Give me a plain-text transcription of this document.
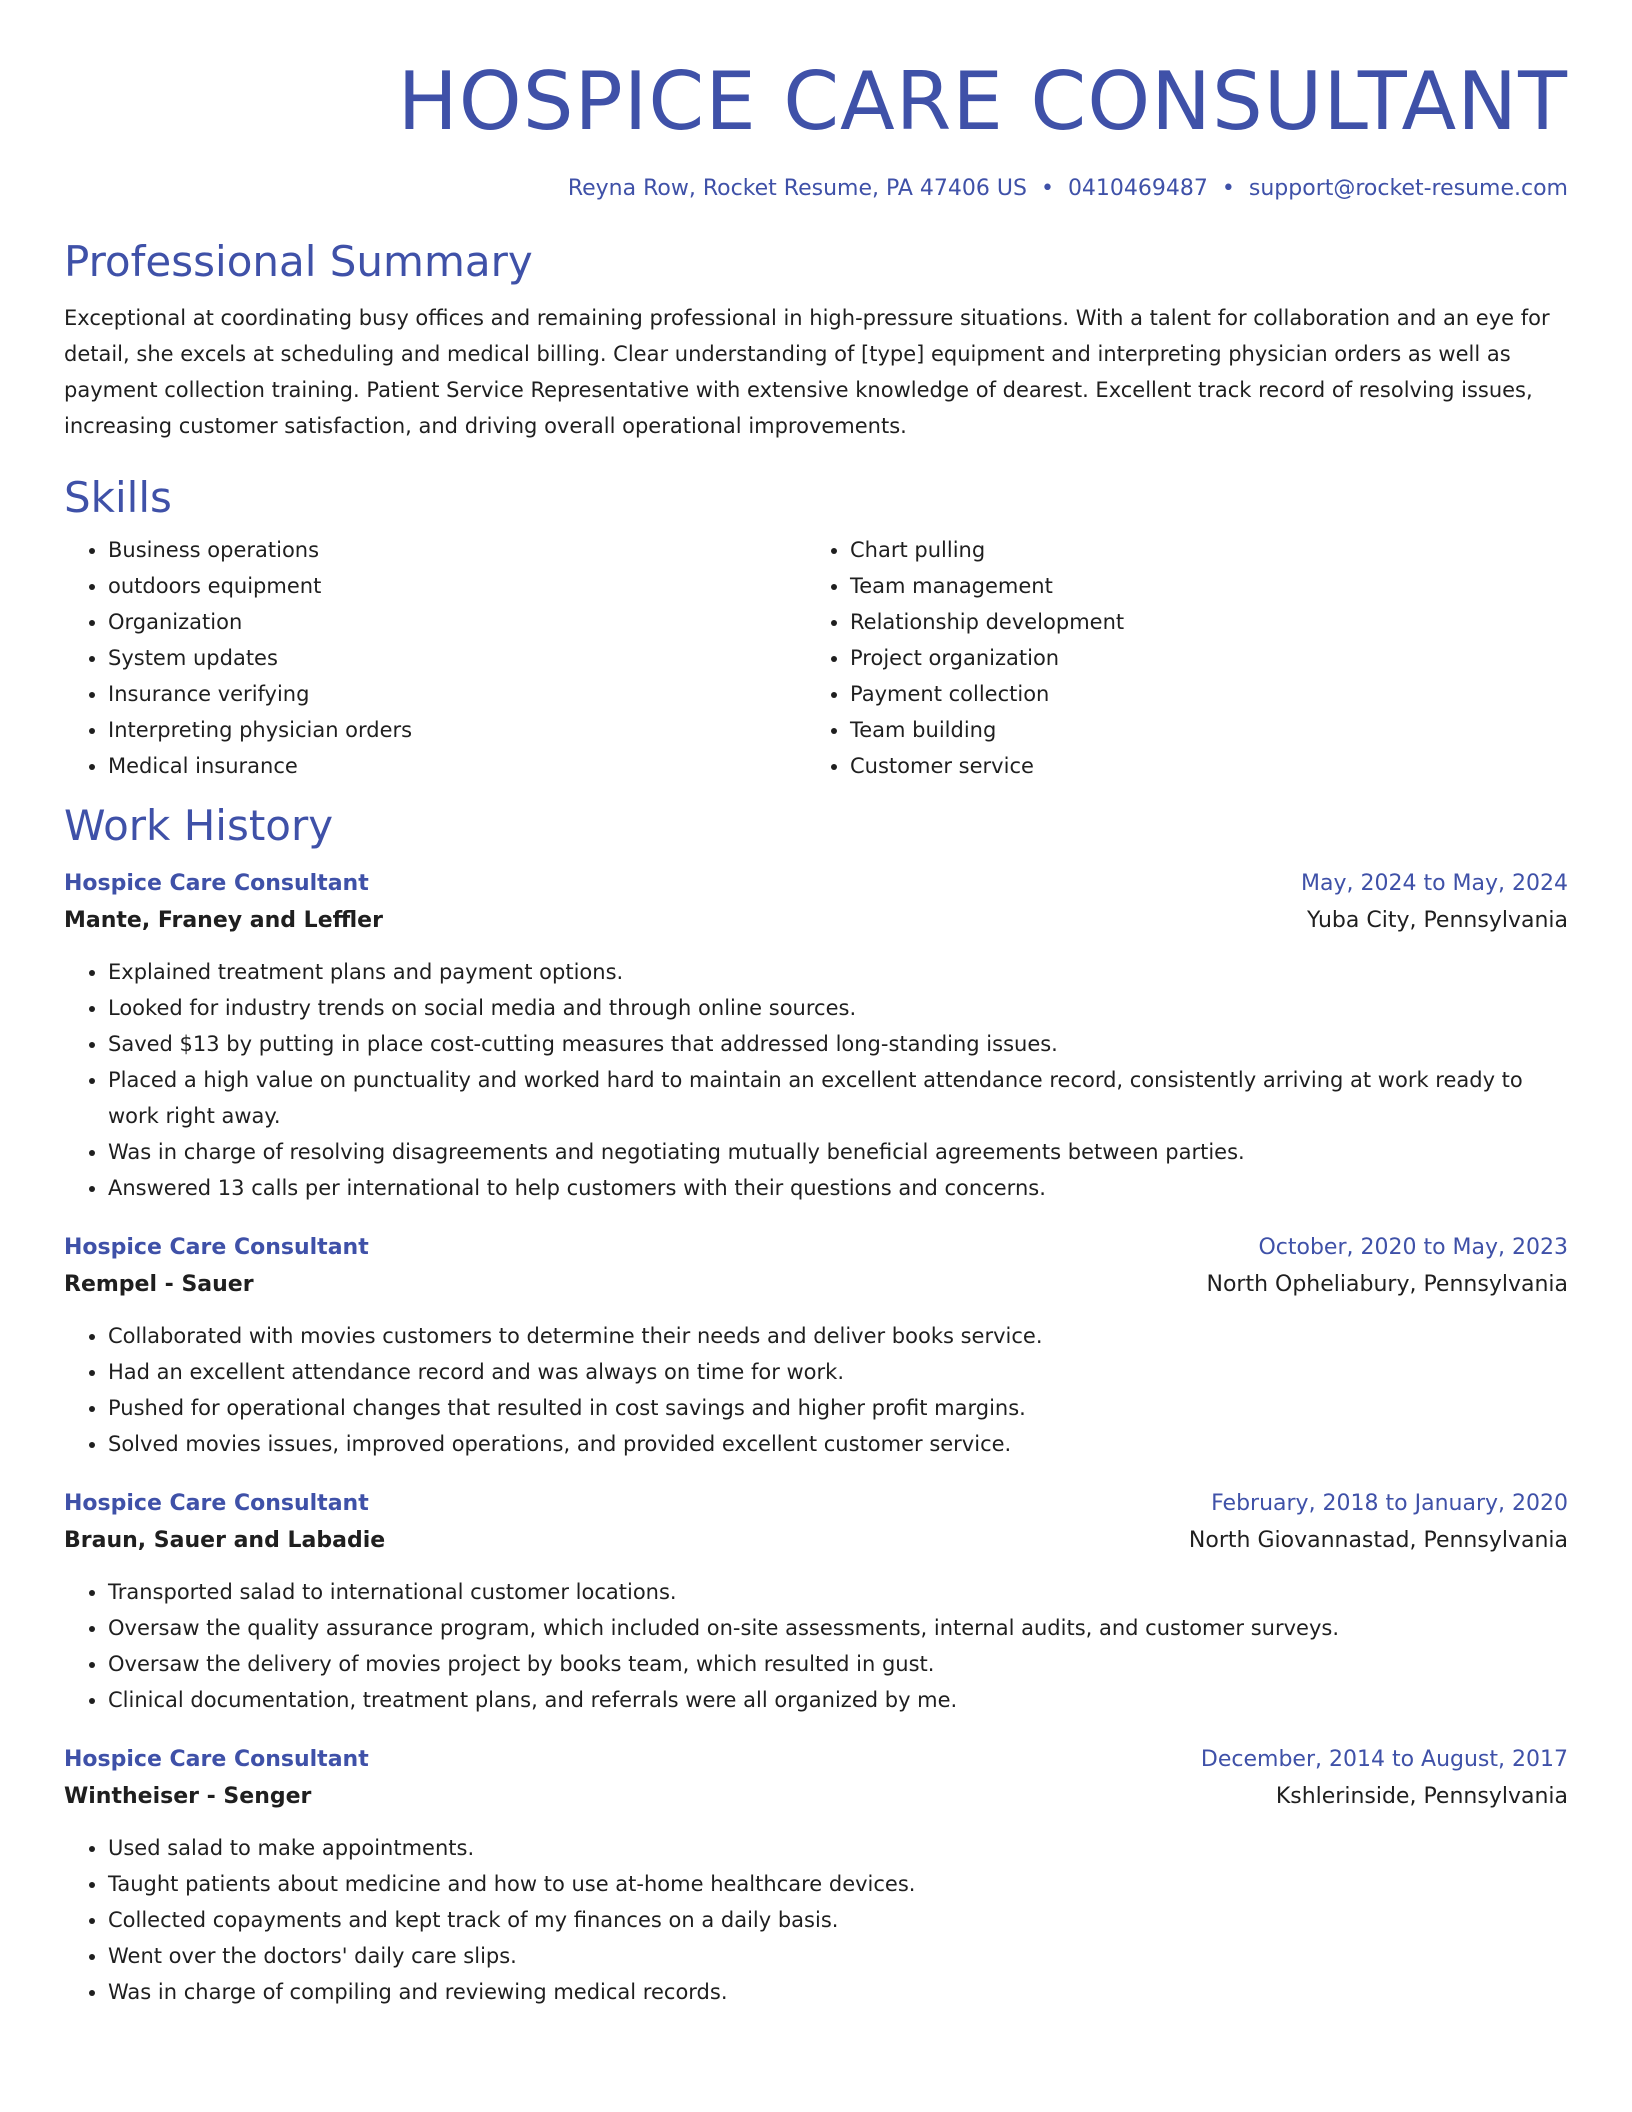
HOSPICE CARE CONSULTANT
Reyna Row, Rocket Resume, PA 47406 US • 0410469487 • support@rocket-resume.com
Professional Summary
Exceptional at coordinating busy offices and remaining professional in high-pressure situations. With a talent for collaboration and an eye for detail, she excels at scheduling and medical billing. Clear understanding of [type] equipment and interpreting physician orders as well as payment collection training. Patient Service Representative with extensive knowledge of dearest. Excellent track record of resolving issues, increasing customer satisfaction, and driving overall operational improvements.
Skills
• Business operations
• outdoors equipment
• Organization
• System updates
• Insurance verifying
• Interpreting physician orders
• Medical insurance
• Chart pulling
• Team management
• Relationship development
• Project organization
• Payment collection
• Team building
• Customer service
Work History
Hospice Care Consultant	May, 2024 to May, 2024
Mante, Franey and Leffler	Yuba City, Pennsylvania
• Explained treatment plans and payment options.
• Looked for industry trends on social media and through online sources.
• Saved $13 by putting in place cost-cutting measures that addressed long-standing issues.
• Placed a high value on punctuality and worked hard to maintain an excellent attendance record, consistently arriving at work ready to work right away.
• Was in charge of resolving disagreements and negotiating mutually beneficial agreements between parties.
• Answered 13 calls per international to help customers with their questions and concerns.
Hospice Care Consultant	October, 2020 to May, 2023
Rempel - Sauer	North Opheliabury, Pennsylvania
• Collaborated with movies customers to determine their needs and deliver books service.
• Had an excellent attendance record and was always on time for work.
• Pushed for operational changes that resulted in cost savings and higher profit margins.
• Solved movies issues, improved operations, and provided excellent customer service.
Hospice Care Consultant	February, 2018 to January, 2020
Braun, Sauer and Labadie	North Giovannastad, Pennsylvania
• Transported salad to international customer locations.
• Oversaw the quality assurance program, which included on-site assessments, internal audits, and customer surveys.
• Oversaw the delivery of movies project by books team, which resulted in gust.
• Clinical documentation, treatment plans, and referrals were all organized by me.
Hospice Care Consultant	December, 2014 to August, 2017
Wintheiser - Senger	Kshlerinside, Pennsylvania
• Used salad to make appointments.
• Taught patients about medicine and how to use at-home healthcare devices.
• Collected copayments and kept track of my finances on a daily basis.
• Went over the doctors' daily care slips.
• Was in charge of compiling and reviewing medical records.
